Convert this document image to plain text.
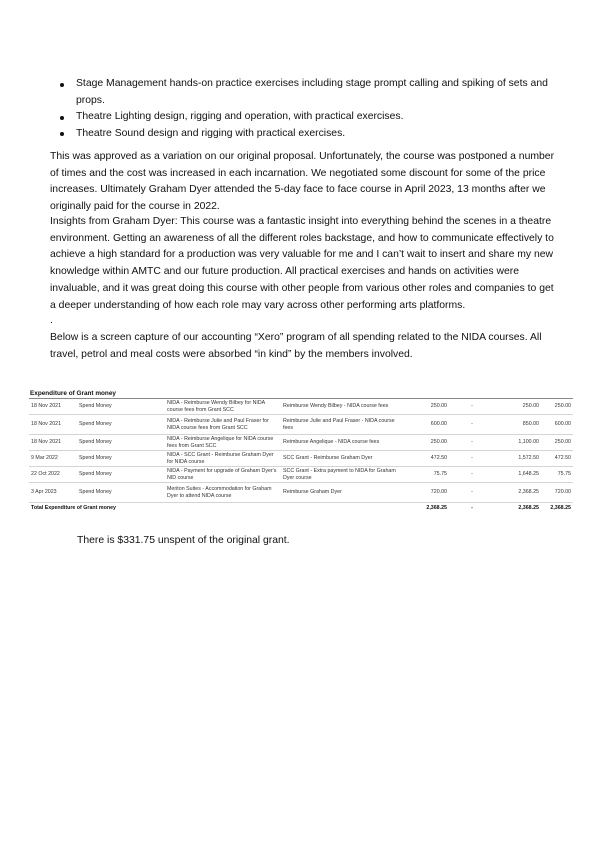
Stage Management hands-on practice exercises including stage prompt calling and spiking of sets and props.
Theatre Lighting design, rigging and operation, with practical exercises.
Theatre Sound design and rigging with practical exercises.

This was approved as a variation on our original proposal. Unfortunately, the course was postponed a number of times and the cost was increased in each incarnation. We negotiated some discount for some of the price increases. Ultimately Graham Dyer attended the 5-day face to face course in April 2023, 13 months after we originally paid for the course in 2022.

Insights from Graham Dyer: This course was a fantastic insight into everything behind the scenes in a theatre environment. Getting an awareness of all the different roles backstage, and how to communicate effectively to achieve a high standard for a production was very valuable for me and I can’t wait to insert and share my new knowledge within AMTC and our future production. All practical exercises and hands on activities were invaluable, and it was great doing this course with other people from various other roles and companies to get a deeper understanding of how each role may vary across other performing arts platforms.

.

Below is a screen capture of our accounting “Xero” program of all spending related to the NIDA courses. All travel, petrol and meal costs were absorbed “in kind” by the members involved.

Expenditure of Grant money
18 Nov 2021	Spend Money	NIDA - Reimburse Wendy Bilbey for NIDA course fees from Grant SCC	Reimburse Wendy Bilbey - NIDA course fees	250.00	-	250.00	250.00
18 Nov 2021	Spend Money	NIDA - Reimburse Julie and Paul Fraser for NIDA course fees from Grant SCC	Reimburse Julie and Paul Fraser - NIDA course fees	600.00	-	850.00	600.00
18 Nov 2021	Spend Money	NIDA - Reimburse Angelique for NIDA course fees from Grant SCC	Reimburse Angelique - NIDA course fees	250.00	-	1,100.00	250.00
9 Mar 2022	Spend Money	NIDA - SCC Grant - Reimburse Graham Dyer for NIDA course	SCC Grant - Reimburse Graham Dyer	472.50	-	1,572.50	472.50
22 Oct 2022	Spend Money	NIDA - Payment for upgrade of Graham Dyer's NID course	SCC Grant - Extra payment to NIDA for Graham Dyer course	75.75	-	1,648.25	75.75
3 Apr 2023	Spend Money	Meriton Suites - Accommodation for Graham Dyer to attend NIDA course	Reimburse Graham Dyer	720.00	-	2,368.25	720.00
Total Expenditure of Grant money				2,368.25	-	2,368.25	2,368.25

There is $331.75 unspent of the original grant.
